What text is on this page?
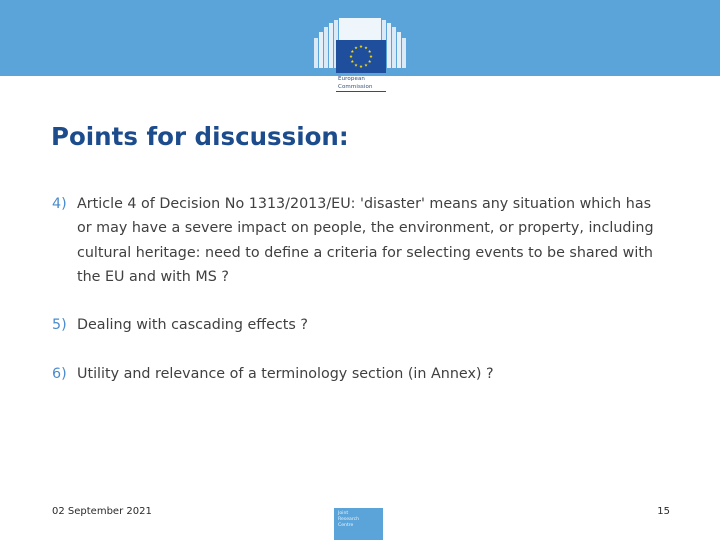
European
Commission
Points for discussion:
4) Article 4 of Decision No 1313/2013/EU: 'disaster' means any situation which has or may have a severe impact on people, the environment, or property, including cultural heritage: need to define a criteria for selecting events to be shared with the EU and with MS ?
5) Dealing with cascading effects ?
6) Utility and relevance of a terminology section (in Annex) ?
02 September 2021	Joint
Research
Centre
15
